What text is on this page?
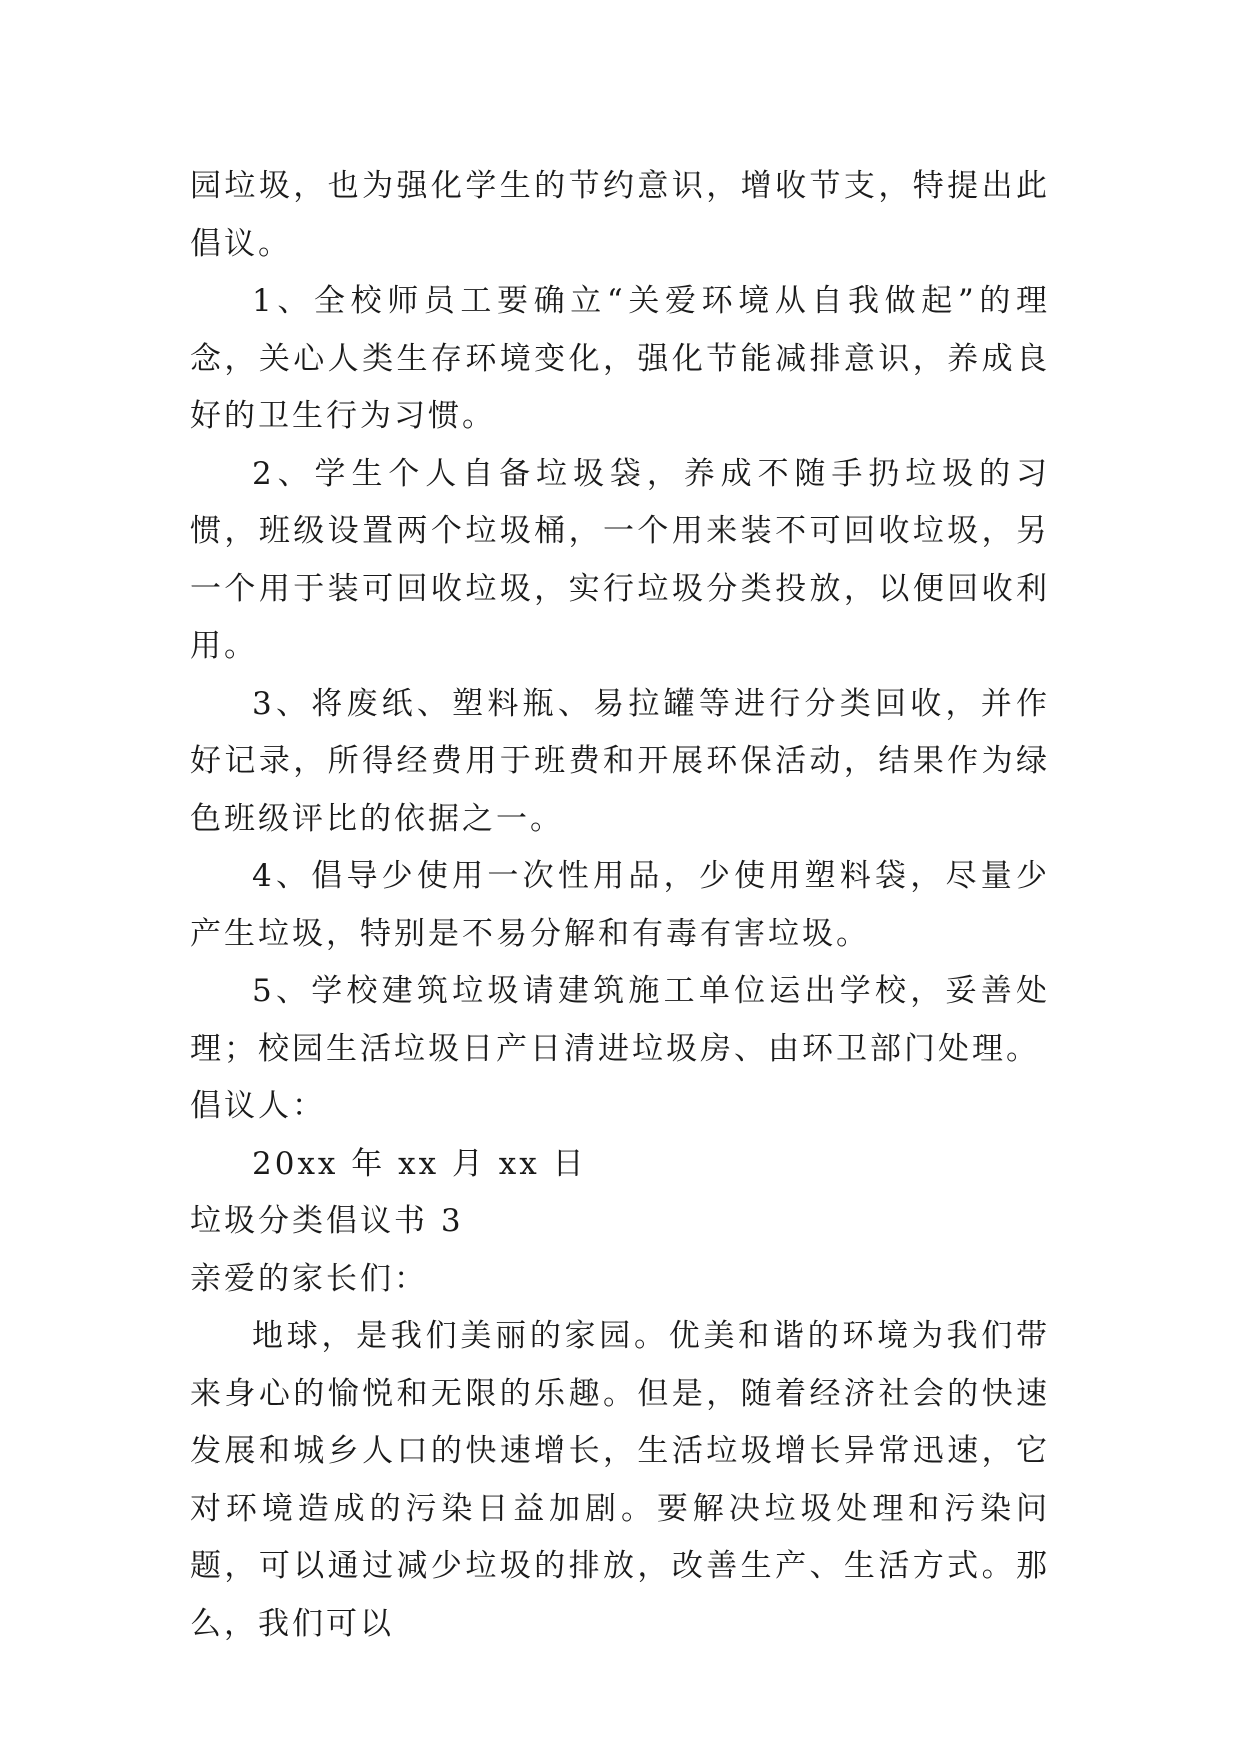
园垃圾，也为强化学生的节约意识，增收节支，特提出此倡议。

1、全校师员工要确立“关爱环境从自我做起”的理念，关心人类生存环境变化，强化节能减排意识，养成良好的卫生行为习惯。

2、学生个人自备垃圾袋，养成不随手扔垃圾的习惯，班级设置两个垃圾桶，一个用来装不可回收垃圾，另一个用于装可回收垃圾，实行垃圾分类投放，以便回收利用。

3、将废纸、塑料瓶、易拉罐等进行分类回收，并作好记录，所得经费用于班费和开展环保活动，结果作为绿色班级评比的依据之一。

4、倡导少使用一次性用品，少使用塑料袋，尽量少产生垃圾，特别是不易分解和有毒有害垃圾。

5、学校建筑垃圾请建筑施工单位运出学校，妥善处理；校园生活垃圾日产日清进垃圾房、由环卫部门处理。

倡议人：

20xx 年 xx 月 xx 日

垃圾分类倡议书 3

亲爱的家长们：

地球，是我们美丽的家园。优美和谐的环境为我们带来身心的愉悦和无限的乐趣。但是，随着经济社会的快速发展和城乡人口的快速增长，生活垃圾增长异常迅速，它对环境造成的污染日益加剧。要解决垃圾处理和污染问题，可以通过减少垃圾的排放，改善生产、生活方式。那么，我们可以
